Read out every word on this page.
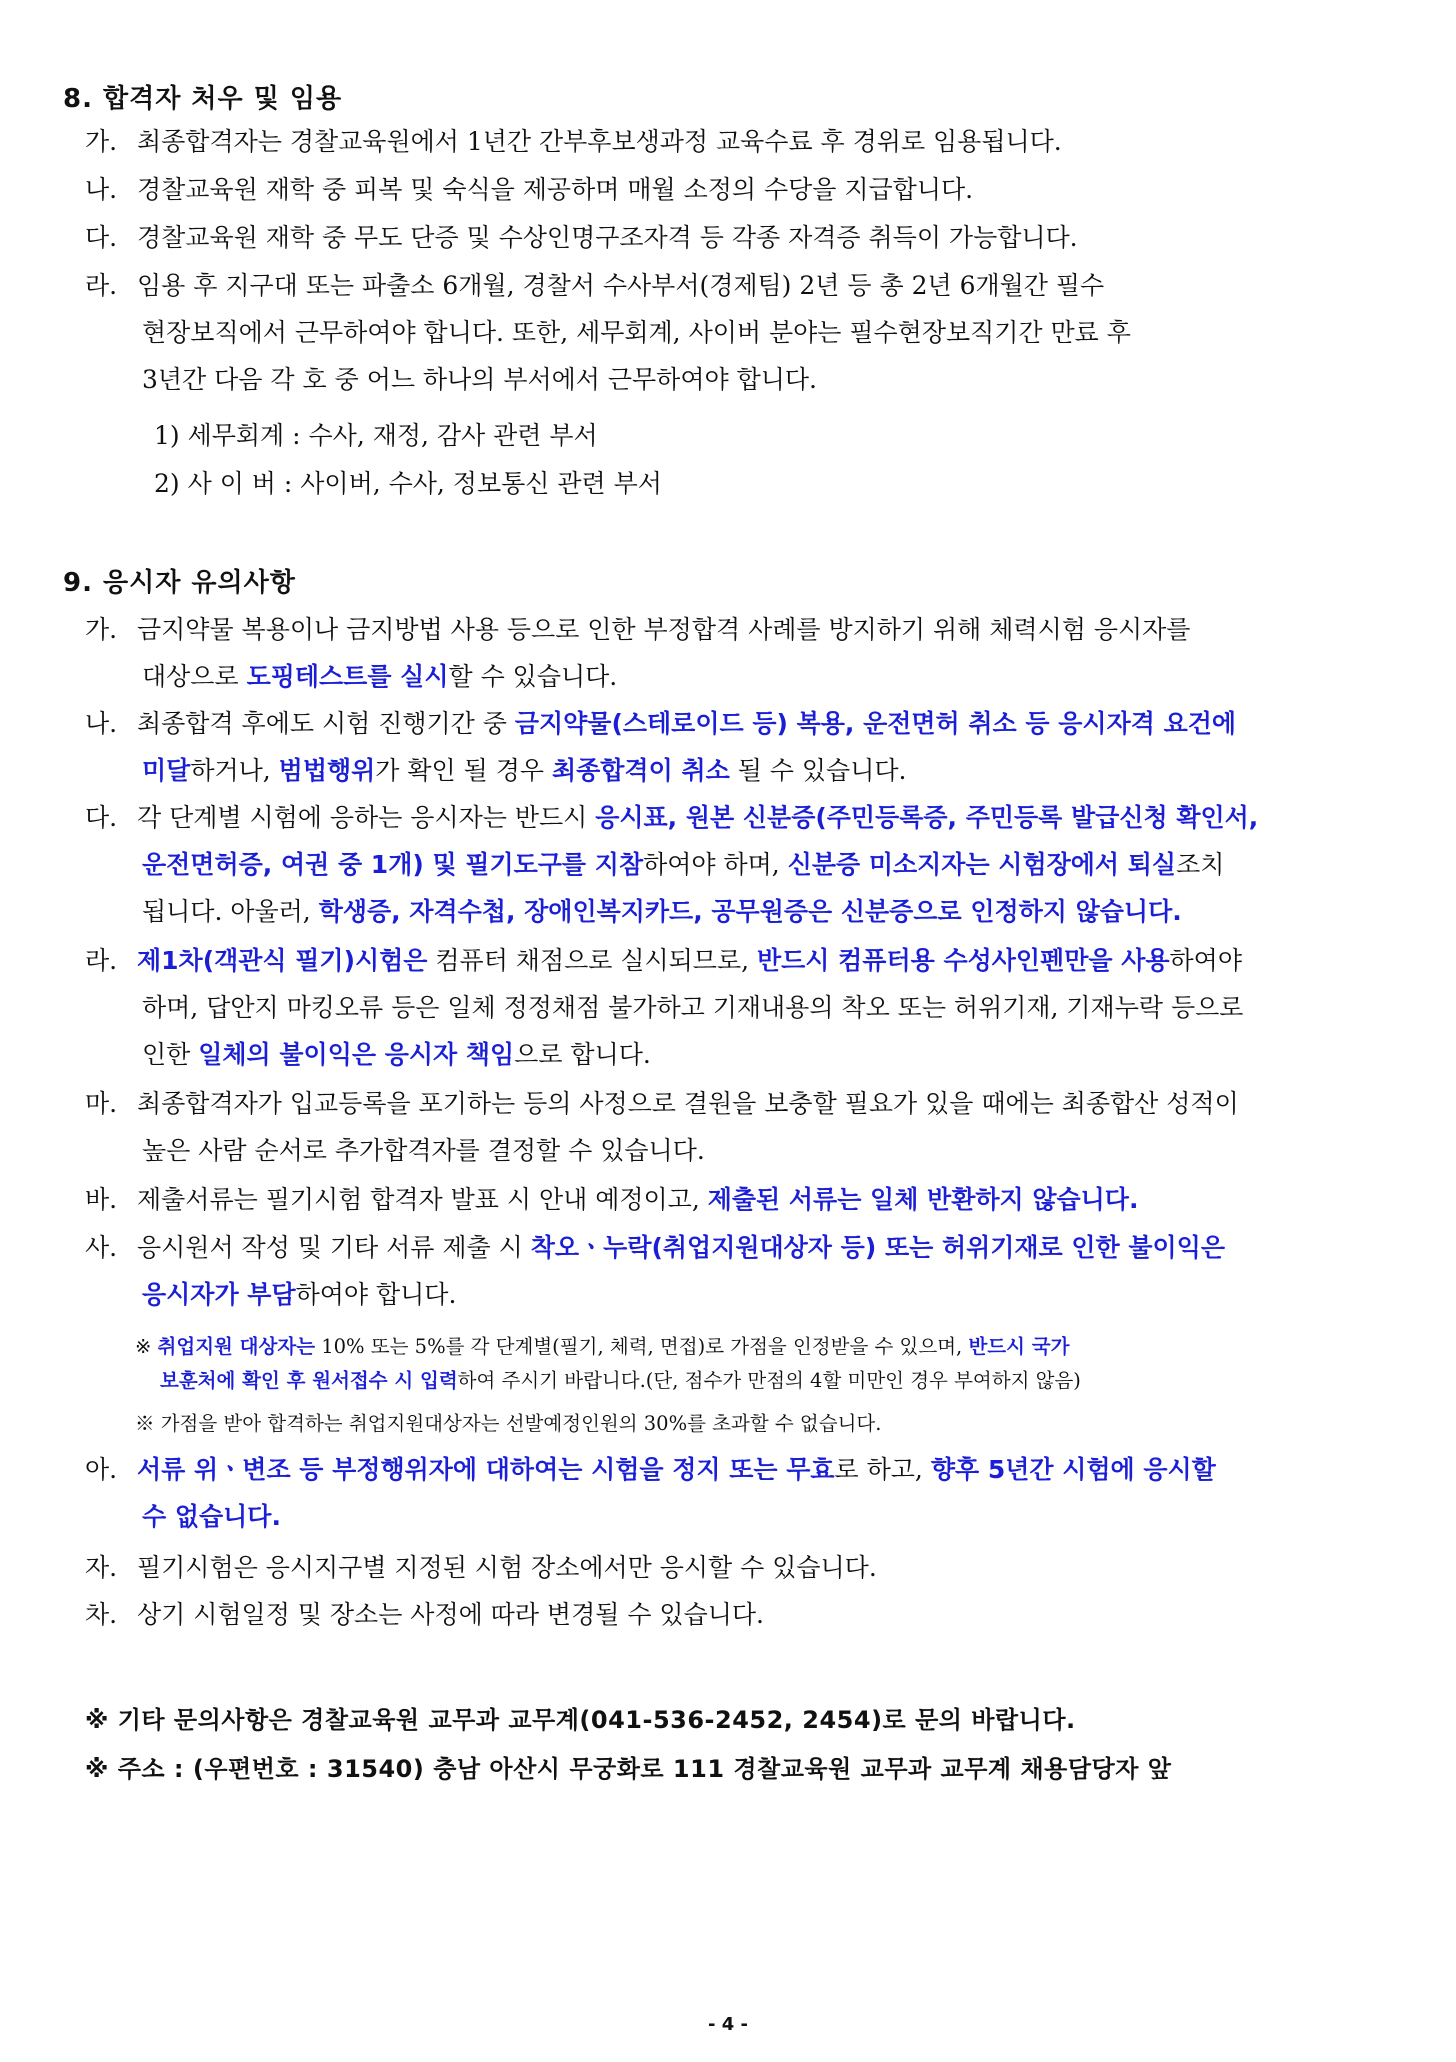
8. 합격자 처우 및 임용
가. 최종합격자는 경찰교육원에서 1년간 간부후보생과정 교육수료 후 경위로 임용됩니다.
나. 경찰교육원 재학 중 피복 및 숙식을 제공하며 매월 소정의 수당을 지급합니다.
다. 경찰교육원 재학 중 무도 단증 및 수상인명구조자격 등 각종 자격증 취득이 가능합니다.
라. 임용 후 지구대 또는 파출소 6개월, 경찰서 수사부서(경제팀) 2년 등 총 2년 6개월간 필수
현장보직에서 근무하여야 합니다. 또한, 세무회계, 사이버 분야는 필수현장보직기간 만료 후
3년간 다음 각 호 중 어느 하나의 부서에서 근무하여야 합니다.
1) 세무회계 : 수사, 재정, 감사 관련 부서
2) 사 이 버 : 사이버, 수사, 정보통신 관련 부서
9. 응시자 유의사항
가. 금지약물 복용이나 금지방법 사용 등으로 인한 부정합격 사례를 방지하기 위해 체력시험 응시자를
대상으로 도핑테스트를 실시할 수 있습니다.
나. 최종합격 후에도 시험 진행기간 중 금지약물(스테로이드 등) 복용, 운전면허 취소 등 응시자격 요건에
미달하거나, 범법행위가 확인 될 경우 최종합격이 취소 될 수 있습니다.
다. 각 단계별 시험에 응하는 응시자는 반드시 응시표, 원본 신분증(주민등록증, 주민등록 발급신청 확인서,
운전면허증, 여권 중 1개) 및 필기도구를 지참하여야 하며, 신분증 미소지자는 시험장에서 퇴실조치
됩니다. 아울러, 학생증, 자격수첩, 장애인복지카드, 공무원증은 신분증으로 인정하지 않습니다.
라. 제1차(객관식 필기)시험은 컴퓨터 채점으로 실시되므로, 반드시 컴퓨터용 수성사인펜만을 사용하여야
하며, 답안지 마킹오류 등은 일체 정정채점 불가하고 기재내용의 착오 또는 허위기재, 기재누락 등으로
인한 일체의 불이익은 응시자 책임으로 합니다.
마. 최종합격자가 입교등록을 포기하는 등의 사정으로 결원을 보충할 필요가 있을 때에는 최종합산 성적이
높은 사람 순서로 추가합격자를 결정할 수 있습니다.
바. 제출서류는 필기시험 합격자 발표 시 안내 예정이고, 제출된 서류는 일체 반환하지 않습니다.
사. 응시원서 작성 및 기타 서류 제출 시 착오ㆍ누락(취업지원대상자 등) 또는 허위기재로 인한 불이익은
응시자가 부담하여야 합니다.
※ 취업지원 대상자는 10% 또는 5%를 각 단계별(필기, 체력, 면접)로 가점을 인정받을 수 있으며, 반드시 국가
보훈처에 확인 후 원서접수 시 입력하여 주시기 바랍니다.(단, 점수가 만점의 4할 미만인 경우 부여하지 않음)
※ 가점을 받아 합격하는 취업지원대상자는 선발예정인원의 30%를 초과할 수 없습니다.
아. 서류 위ㆍ변조 등 부정행위자에 대하여는 시험을 정지 또는 무효로 하고, 향후 5년간 시험에 응시할
수 없습니다.
자. 필기시험은 응시지구별 지정된 시험 장소에서만 응시할 수 있습니다.
차. 상기 시험일정 및 장소는 사정에 따라 변경될 수 있습니다.
※ 기타 문의사항은 경찰교육원 교무과 교무계(041-536-2452, 2454)로 문의 바랍니다.
※ 주소 : (우편번호 : 31540) 충남 아산시 무궁화로 111 경찰교육원 교무과 교무계 채용담당자 앞
- 4 -
